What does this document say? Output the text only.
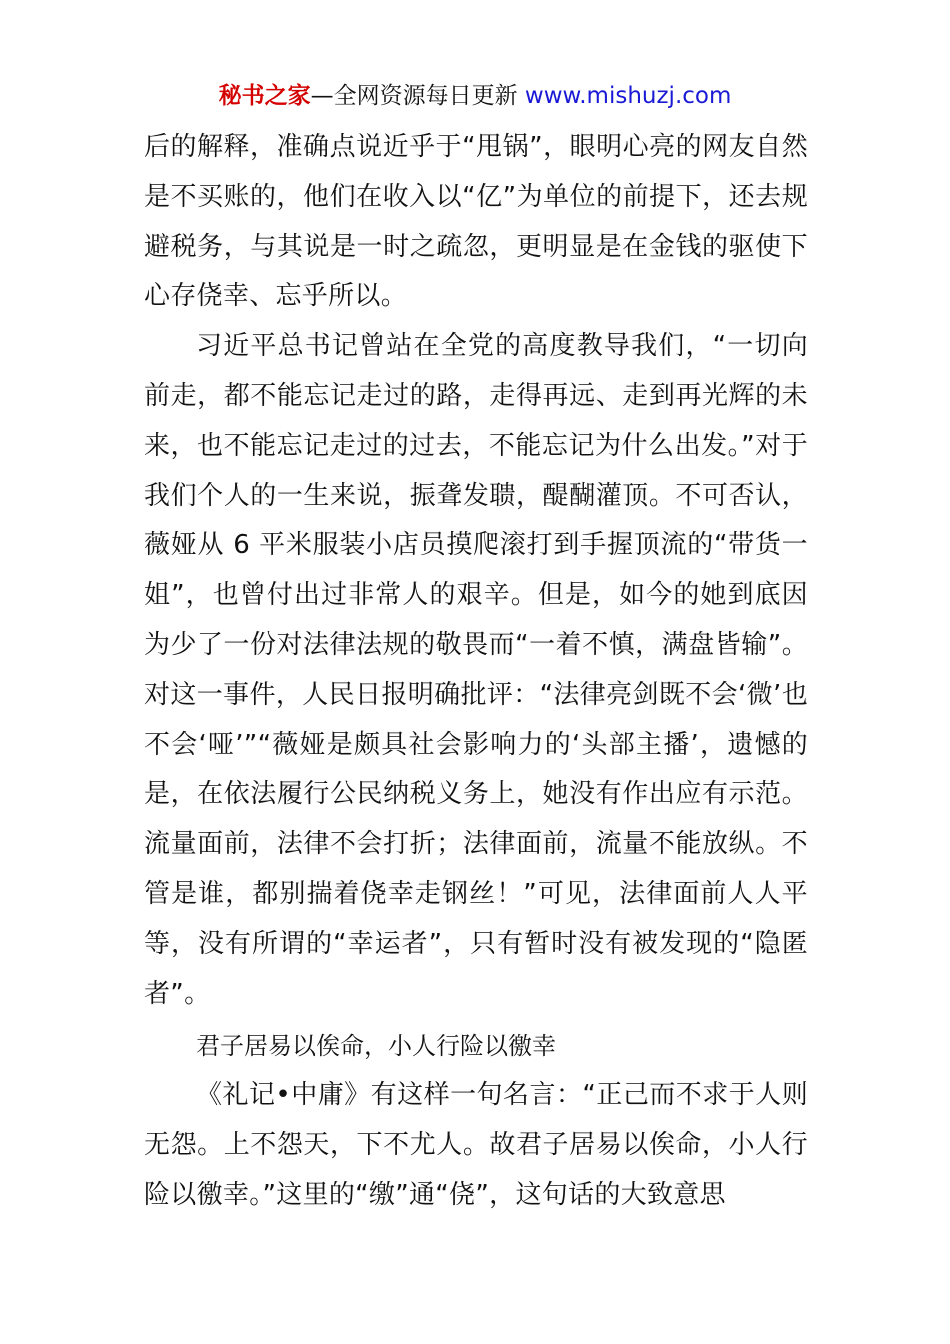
秘书之家—全网资源每日更新 www.mishuzj.com

后的解释，准确点说近乎于“甩锅”，眼明心亮的网友自然是不买账的，他们在收入以“亿”为单位的前提下，还去规避税务，与其说是一时之疏忽，更明显是在金钱的驱使下心存侥幸、忘乎所以。

习近平总书记曾站在全党的高度教导我们，“一切向前走，都不能忘记走过的路，走得再远、走到再光辉的未来，也不能忘记走过的过去，不能忘记为什么出发。”对于我们个人的一生来说，振聋发聩，醍醐灌顶。不可否认，薇娅从 6 平米服装小店员摸爬滚打到手握顶流的“带货一姐”，也曾付出过非常人的艰辛。但是，如今的她到底因为少了一份对法律法规的敬畏而“一着不慎，满盘皆输”。对这一事件，人民日报明确批评：“法律亮剑既不会‘微’也不会‘哑’”“薇娅是颇具社会影响力的‘头部主播’，遗憾的是，在依法履行公民纳税义务上，她没有作出应有示范。流量面前，法律不会打折；法律面前，流量不能放纵。不管是谁，都别揣着侥幸走钢丝！”可见，法律面前人人平等，没有所谓的“幸运者”，只有暂时没有被发现的“隐匿者”。

君子居易以俟命，小人行险以徼幸

《礼记•中庸》有这样一句名言：“正己而不求于人则无怨。上不怨天，下不尤人。故君子居易以俟命，小人行险以徼幸。”这里的“缴”通“侥”，这句话的大致意思
